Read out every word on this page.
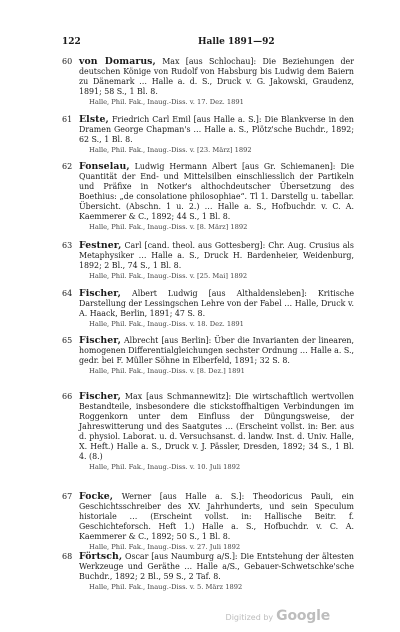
122	Halle 1891—92
60 von Domarus, Max [aus Schlochau]: Die Beziehungen der deutschen Könige von Rudolf von Habsburg bis Ludwig dem Baiern zu Dänemark … Halle a. d. S., Druck v. G. Jakowski, Graudenz, 1891; 58 S., 1 Bl. 8.

Halle, Phil. Fak., Inaug.-Diss. v. 17. Dez. 1891
61 Elste, Friedrich Carl Emil [aus Halle a. S.]: Die Blankverse in den Dramen George Chapman's … Halle a. S., Plötz'sche Buchdr., 1892; 62 S., 1 Bl. 8.

Halle, Phil. Fak., Inaug.-Diss. v. [23. März] 1892
62 Fonselau, Ludwig Hermann Albert [aus Gr. Schiemanen]: Die Quantität der End- und Mittelsilben einschliesslich der Partikeln und Präfixe in Notker's althochdeutscher Übersetzung des Boethius: „de consolatione philosophiae“. Tl 1. Darstellg u. tabellar. Übersicht. (Abschn. 1 u. 2.) … Halle a. S., Hofbuchdr. v. C. A. Kaemmerer & C., 1892; 44 S., 1 Bl. 8.

Halle, Phil. Fak., Inaug.-Diss. v. [8. März] 1892
63 Festner, Carl [cand. theol. aus Gottesberg]: Chr. Aug. Crusius als Metaphysiker … Halle a. S., Druck H. Bardenheier, Weidenburg, 1892; 2 Bl., 74 S., 1 Bl. 8.

Halle, Phil. Fak., Inaug.-Diss. v. [25. Mai] 1892
64 Fischer, Albert Ludwig [aus Althaldensleben]: Kritische Darstellung der Lessingschen Lehre von der Fabel … Halle, Druck v. A. Haack, Berlin, 1891; 47 S. 8.

Halle, Phil. Fak., Inaug.-Diss. v. 18. Dez. 1891
65 Fischer, Albrecht [aus Berlin]: Über die Invarianten der linearen, homogenen Differentialgleichungen sechster Ordnung … Halle a. S., gedr. bei F. Müller Söhne in Elberfeld, 1891; 32 S. 8.

Halle, Phil. Fak., Inaug.-Diss. v. [8. Dez.] 1891
66 Fischer, Max [aus Schmannewitz]: Die wirtschaftlich wertvollen Bestandteile, insbesondere die stickstoffhaltigen Verbindungen im Roggenkorn unter dem Einfluss der Düngungsweise, der Jahreswitterung und des Saatgutes … (Erscheint vollst. in: Ber. aus d. physiol. Laborat. u. d. Versuchsanst. d. landw. Inst. d. Univ. Halle, X. Heft.) Halle a. S., Druck v. J. Pässler, Dresden, 1892; 34 S., 1 Bl. 4. (8.)

Halle, Phil. Fak., Inaug.-Diss. v. 10. Juli 1892
67 Focke, Werner [aus Halle a. S.]: Theodoricus Pauli, ein Geschichtsschreiber des XV. Jahrhunderts, und sein Speculum historiale … (Erscheint vollst. in: Hallische Beitr. f. Geschichteforsch. Heft 1.) Halle a. S., Hofbuchdr. v. C. A. Kaemmerer & C., 1892; 50 S., 1 Bl. 8.

Halle, Phil. Fak., Inaug.-Diss. v. 27. Juli 1892
68 Förtsch, Oscar [aus Naumburg a/S.]: Die Entstehung der ältesten Werkzeuge und Geräthe … Halle a/S., Gebauer-Schwetschke'sche Buchdr., 1892; 2 Bl., 59 S., 2 Taf. 8.

Halle, Phil. Fak., Inaug.-Diss. v. 5. März 1892
Digitized by Google
